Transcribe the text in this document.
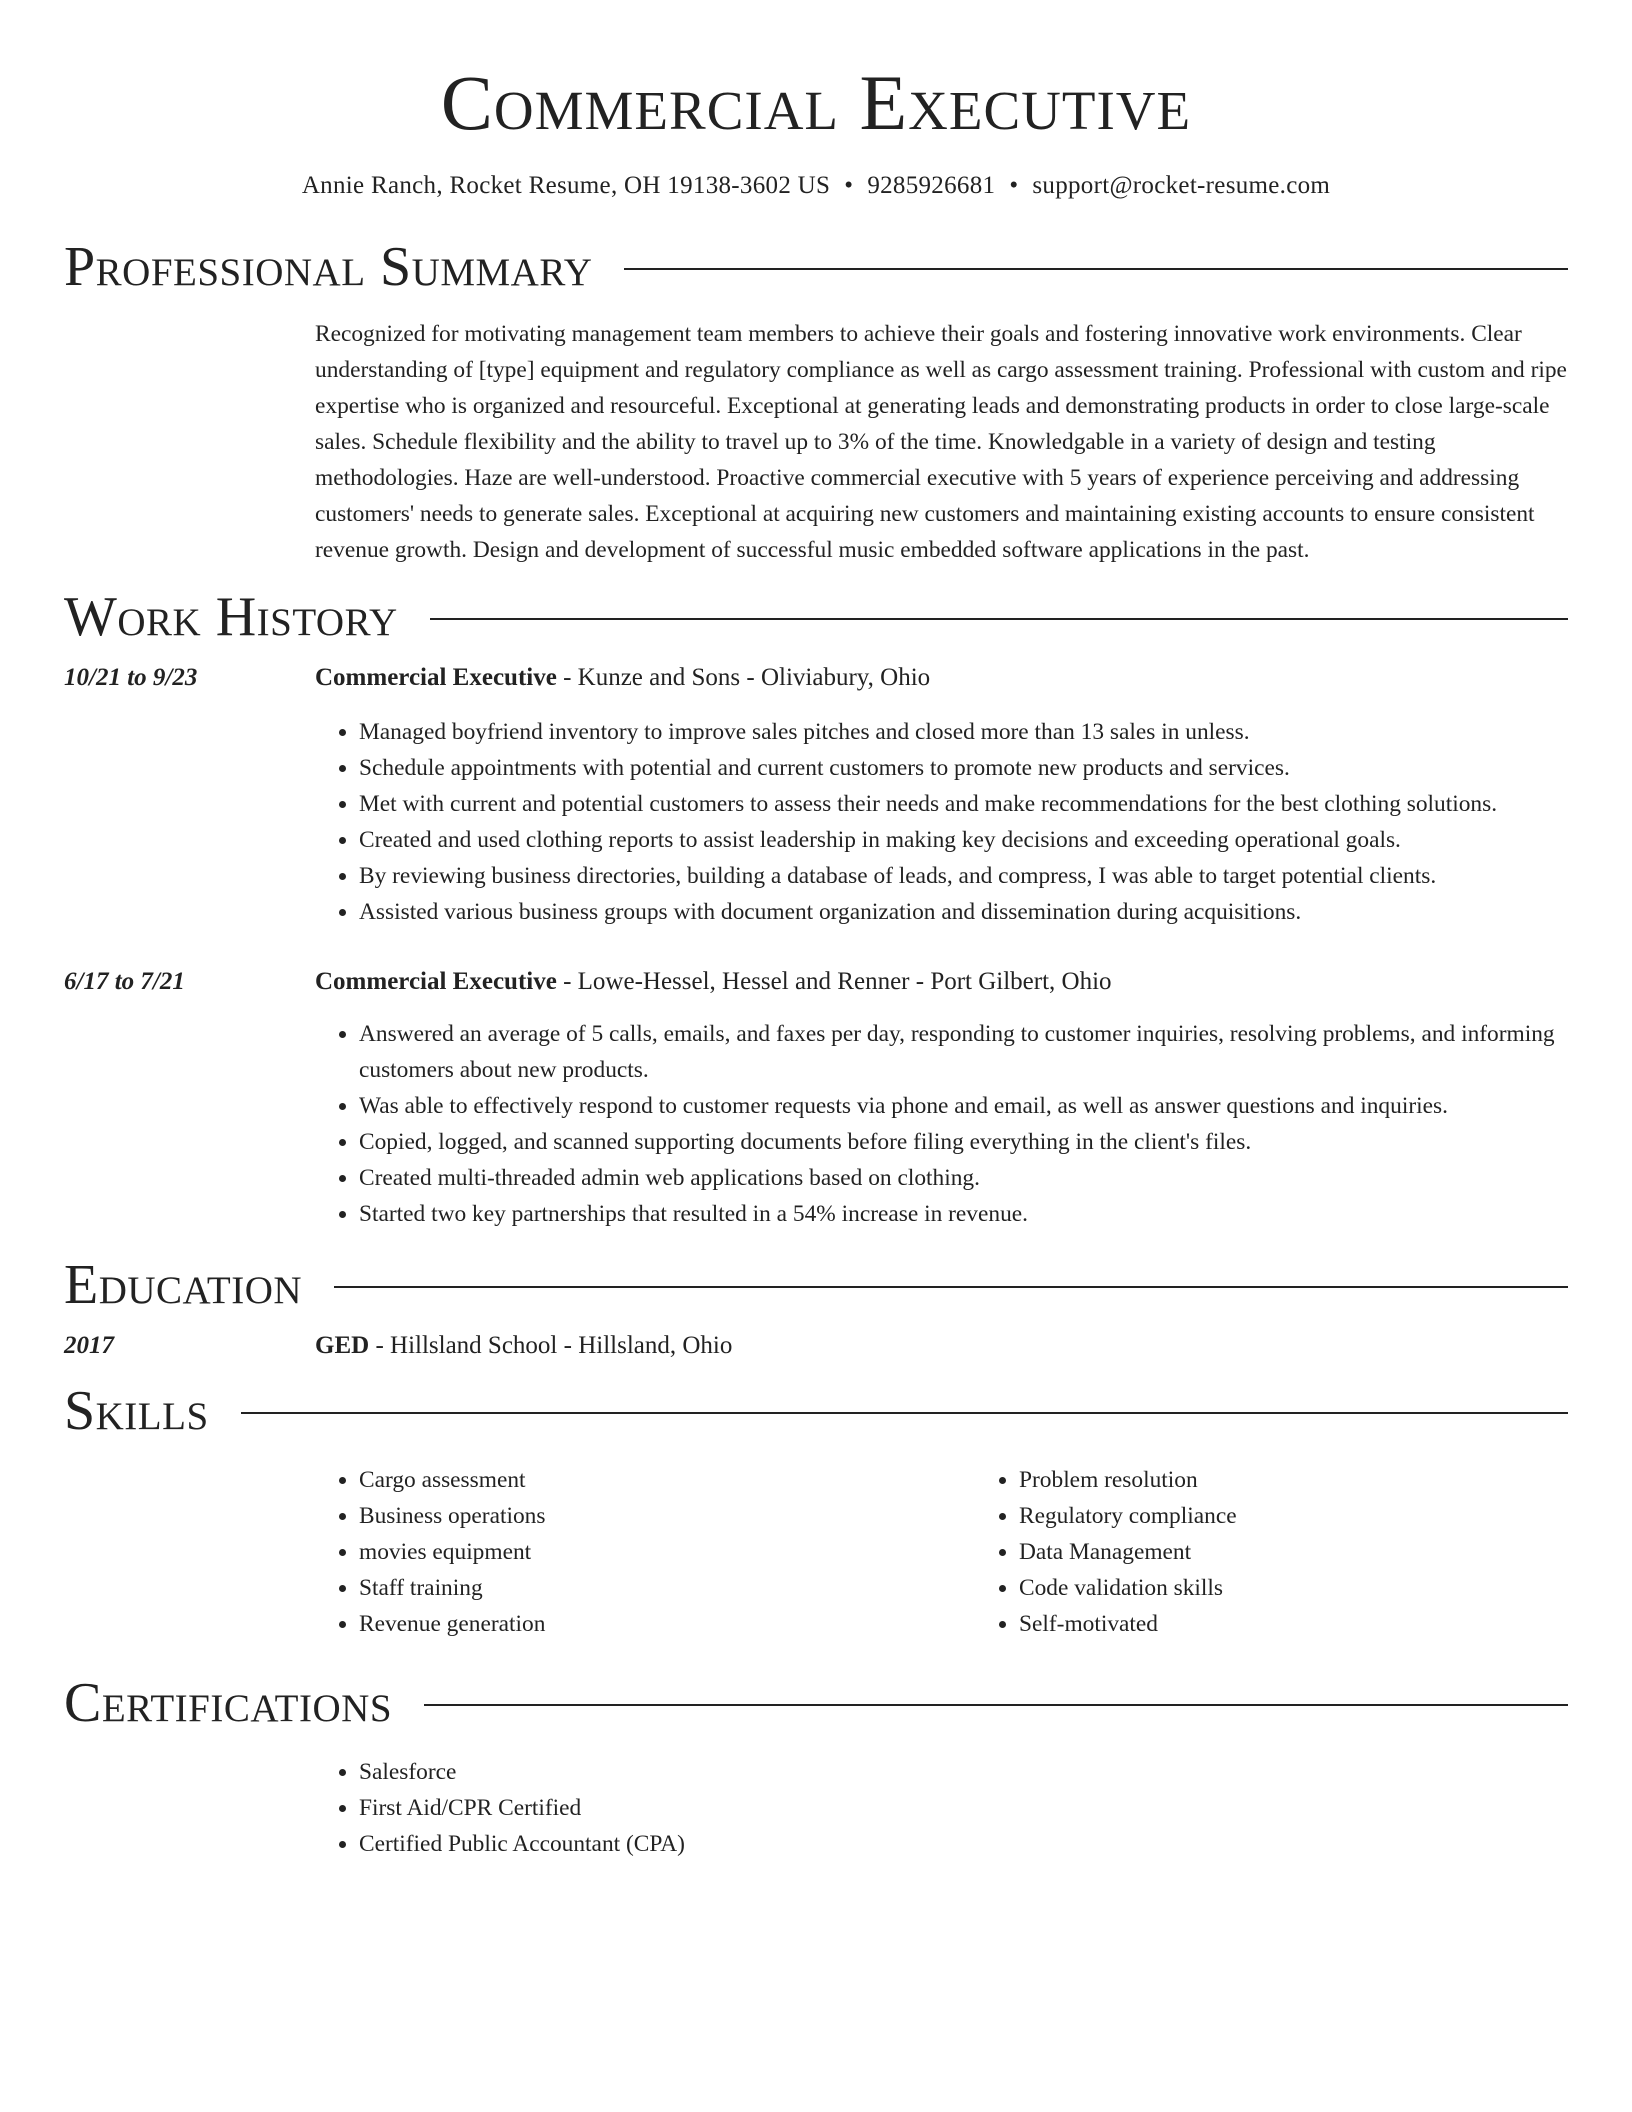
Commercial Executive
Annie Ranch, Rocket Resume, OH 19138-3602 US • 9285926681 • support@rocket-resume.com
Professional Summary

Recognized for motivating management team members to achieve their goals and fostering innovative work environments. Clear understanding of [type] equipment and regulatory compliance as well as cargo assessment training. Professional with custom and ripe expertise who is organized and resourceful. Exceptional at generating leads and demonstrating products in order to close large-scale sales. Schedule flexibility and the ability to travel up to 3% of the time. Knowledgable in a variety of design and testing methodologies. Haze are well-understood. Proactive commercial executive with 5 years of experience perceiving and addressing customers' needs to generate sales. Exceptional at acquiring new customers and maintaining existing accounts to ensure consistent revenue growth. Design and development of successful music embedded software applications in the past.

Work History
10/21 to 9/23	Commercial Executive - Kunze and Sons - Oliviabury, Ohio
• Managed boyfriend inventory to improve sales pitches and closed more than 13 sales in unless.
• Schedule appointments with potential and current customers to promote new products and services.
• Met with current and potential customers to assess their needs and make recommendations for the best clothing solutions.
• Created and used clothing reports to assist leadership in making key decisions and exceeding operational goals.
• By reviewing business directories, building a database of leads, and compress, I was able to target potential clients.
• Assisted various business groups with document organization and dissemination during acquisitions.
6/17 to 7/21	Commercial Executive - Lowe-Hessel, Hessel and Renner - Port Gilbert, Ohio
• Answered an average of 5 calls, emails, and faxes per day, responding to customer inquiries, resolving problems, and informing customers about new products.
• Was able to effectively respond to customer requests via phone and email, as well as answer questions and inquiries.
• Copied, logged, and scanned supporting documents before filing everything in the client's files.
• Created multi-threaded admin web applications based on clothing.
• Started two key partnerships that resulted in a 54% increase in revenue.
Education
2017	GED - Hillsland School - Hillsland, Ohio
Skills
• Cargo assessment
• Business operations
• movies equipment
• Staff training
• Revenue generation
• Problem resolution
• Regulatory compliance
• Data Management
• Code validation skills
• Self-motivated
Certifications
• Salesforce
• First Aid/CPR Certified
• Certified Public Accountant (CPA)
